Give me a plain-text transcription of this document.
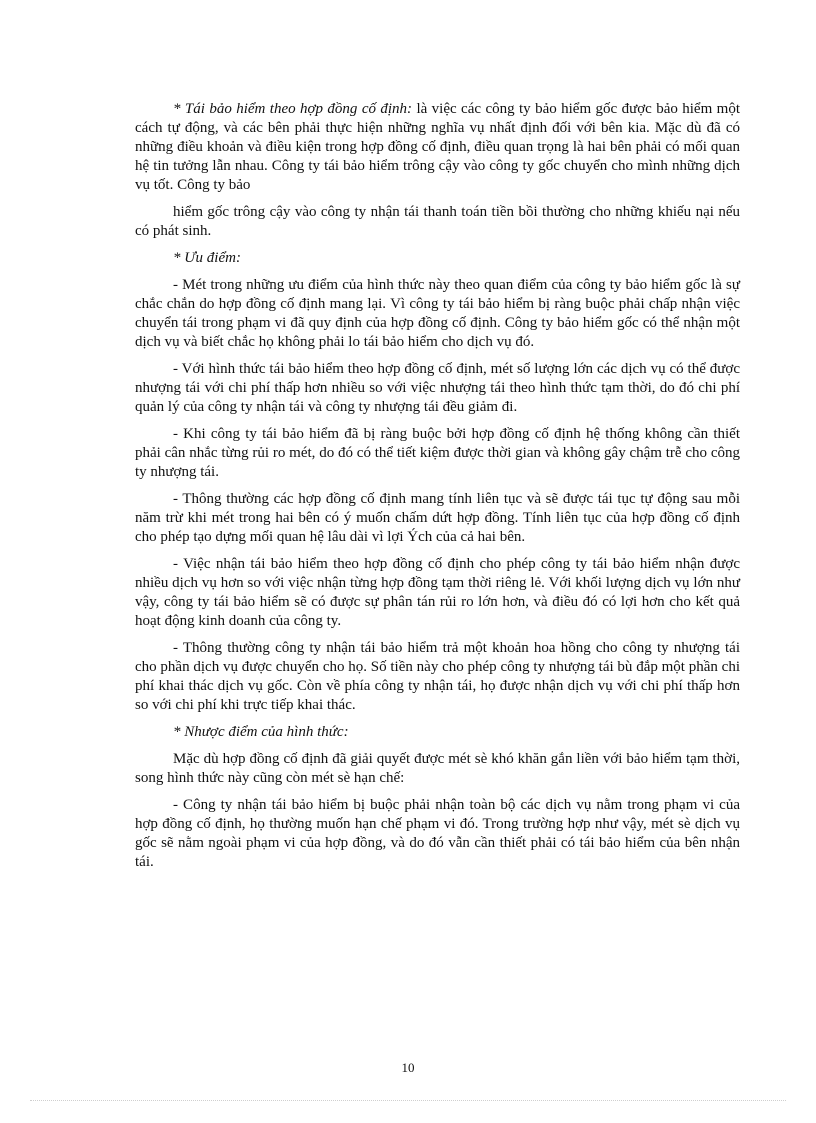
* Tái bảo hiểm theo hợp đồng cố định: là việc các công ty bảo hiểm gốc được bảo hiểm một cách tự động, và các bên phải thực hiện những nghĩa vụ nhất định đối với bên kia. Mặc dù đã có những điều khoản và điều kiện trong hợp đồng cố định, điều quan trọng là hai bên phải có mối quan hệ tin tưởng lẫn nhau. Công ty tái bảo hiểm trông cậy vào công ty gốc chuyển cho mình những dịch vụ tốt. Công ty bảo

hiểm gốc trông cậy vào công ty nhận tái thanh toán tiền bồi thường cho những khiếu nại nếu có phát sinh.

* Ưu điểm:

- Mét trong những ưu điểm của hình thức này theo quan điểm của công ty bảo hiểm gốc là sự chắc chắn do hợp đồng cố định mang lại. Vì công ty tái bảo hiểm bị ràng buộc phải chấp nhận việc chuyển tái trong phạm vi đã quy định của hợp đồng cố định. Công ty bảo hiểm gốc có thể nhận một dịch vụ và biết chắc họ không phải lo tái bảo hiểm cho dịch vụ đó.

- Với hình thức tái bảo hiểm theo hợp đồng cố định, mét số lượng lớn các dịch vụ có thể được nhượng tái với chi phí thấp hơn nhiều so với việc nhượng tái theo hình thức tạm thời, do đó chi phí quản lý của công ty nhận tái và công ty nhượng tái đều giảm đi.

- Khi công ty tái bảo hiểm đã bị ràng buộc bởi hợp đồng cố định hệ thống không cần thiết phải cân nhắc từng rủi ro mét, do đó có thể tiết kiệm được thời gian và không gây chậm trễ cho công ty nhượng tái.

- Thông thường các hợp đồng cố định mang tính liên tục và sẽ được tái tục tự động sau mỗi năm trừ khi mét trong hai bên có ý muốn chấm dứt hợp đồng. Tính liên tục của hợp đồng cố định cho phép tạo dựng mối quan hệ lâu dài vì lợi Ých của cả hai bên.

- Việc nhận tái bảo hiểm theo hợp đồng cố định cho phép công ty tái bảo hiểm nhận được nhiều dịch vụ hơn so với việc nhận từng hợp đồng tạm thời riêng lẻ. Với khối lượng dịch vụ lớn như vậy, công ty tái bảo hiểm sẽ có được sự phân tán rủi ro lớn hơn, và điều đó có lợi hơn cho kết quả hoạt động kinh doanh của công ty.

- Thông thường công ty nhận tái bảo hiểm trả một khoản hoa hồng cho công ty nhượng tái cho phần dịch vụ được chuyển cho họ. Số tiền này cho phép công ty nhượng tái bù đắp một phần chi phí khai thác dịch vụ gốc. Còn về phía công ty nhận tái, họ được nhận dịch vụ với chi phí thấp hơn so với chi phí khi trực tiếp khai thác.

* Nhược điểm của hình thức:

Mặc dù hợp đồng cố định đã giải quyết được mét sè khó khăn gắn liền với bảo hiểm tạm thời, song hình thức này cũng còn mét sè hạn chế:

- Công ty nhận tái bảo hiểm bị buộc phải nhận toàn bộ các dịch vụ nằm trong phạm vi của hợp đồng cố định, họ thường muốn hạn chế phạm vi đó. Trong trường hợp như vậy, mét sè dịch vụ gốc sẽ nằm ngoài phạm vi của hợp đồng, và do đó vẫn cần thiết phải có tái bảo hiểm của bên nhận tái.

10
